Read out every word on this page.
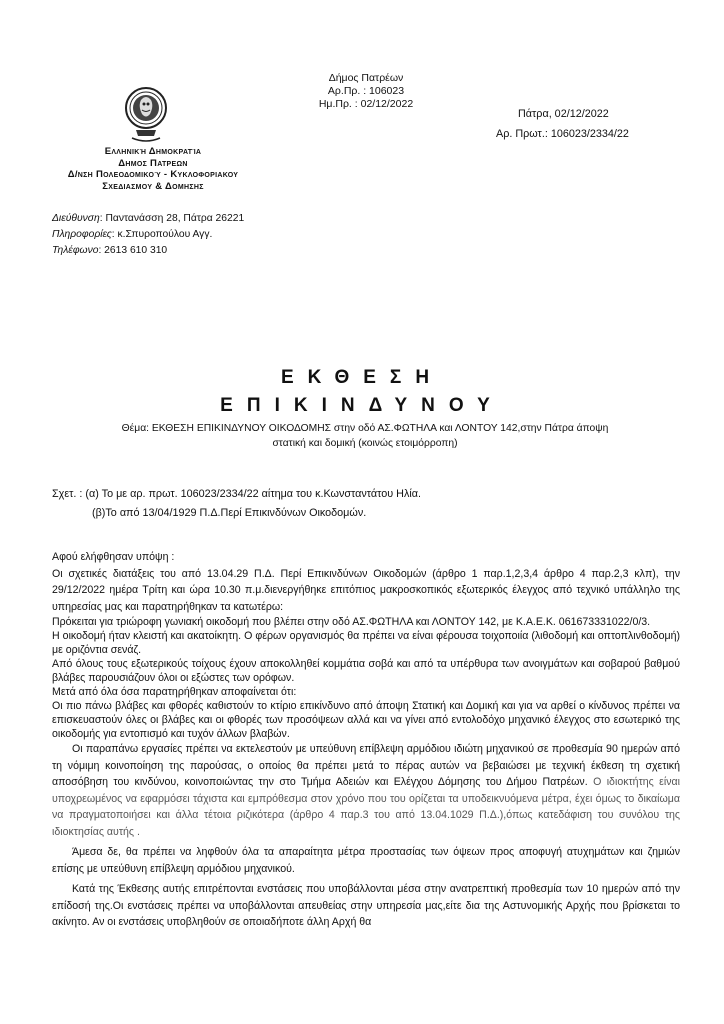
Δήμος Πατρέων
Αρ.Πρ. : 106023
Ημ.Πρ. : 02/12/2022
Πάτρα, 02/12/2022
Αρ. Πρωτ.: 106023/2334/22
Ελληνική Δημοκρατία
Δημος Πατρεων
Δ/νση Πολεοδομικού - Κυκλοφοριακου
Σχεδιασμου & Δομησης
Διεύθυνση: Παντανάσση 28, Πάτρα 26221
Πληροφορίες: κ.Σπυροπούλου Αγγ.
Τηλέφωνο: 2613 610 310
ΕΚΘΕΣΗ
ΕΠΙΚΙΝΔΥΝΟΥ
Θέμα: ΕΚΘΕΣΗ ΕΠΙΚΙΝΔΥΝΟΥ ΟΙΚΟΔΟΜΗΣ στην οδό ΑΣ.ΦΩΤΗΛΑ και ΛΟΝΤΟΥ 142,στην Πάτρα άποψη
στατική και δομική (κοινώς ετοιμόρροπη)
Σχετ. : (α) Το με αρ. πρωτ. 106023/2334/22 αίτημα του κ.Κωνσταντάτου Ηλία.
(β)Το από 13/04/1929 Π.Δ.Περί Επικινδύνων Οικοδομών.

Αφού ελήφθησαν υπόψη :

Οι σχετικές διατάξεις του από 13.04.29 Π.Δ. Περί Επικινδύνων Οικοδομών (άρθρο 1 παρ.1,2,3,4 άρθρο 4 παρ.2,3 κλπ), την 29/12/2022 ημέρα Τρίτη και ώρα 10.30 π.μ.διενεργήθηκε επιτόπιος μακροσκοπικός εξωτερικός έλεγχος από τεχνικό υπάλληλο της υπηρεσίας μας και παρατηρήθηκαν τα κατωτέρω:

Πρόκειται για τριώροφη γωνιακή οικοδομή που βλέπει στην οδό ΑΣ.ΦΩΤΗΛΑ και ΛΟΝΤΟΥ 142, με Κ.Α.Ε.Κ. 061673331022/0/3.

Η οικοδομή ήταν κλειστή και ακατοίκητη. Ο φέρων οργανισμός θα πρέπει να είναι φέρουσα τοιχοποιία (λιθοδομή και οπτοπλινθοδομή) με οριζόντια σενάζ.

Από όλους τους εξωτερικούς τοίχους έχουν αποκολληθεί κομμάτια σοβά και από τα υπέρθυρα των ανοιγμάτων και σοβαρού βαθμού βλάβες παρουσιάζουν όλοι οι εξώστες των ορόφων.

Μετά από όλα όσα παρατηρήθηκαν αποφαίνεται ότι:

Οι πιο πάνω βλάβες και φθορές καθιστούν το κτίριο επικίνδυνο από άποψη Στατική και Δομική και για να αρθεί ο κίνδυνος πρέπει να επισκευαστούν όλες οι βλάβες και οι φθορές των προσόψεων αλλά και να γίνει από εντολοδόχο μηχανικό έλεγχος στο εσωτερικό της οικοδομής για εντοπισμό και τυχόν άλλων βλαβών.

Οι παραπάνω εργασίες πρέπει να εκτελεστούν με υπεύθυνη επίβλεψη αρμόδιου ιδιώτη μηχανικού σε προθεσμία 90 ημερών από τη νόμιμη κοινοποίηση της παρούσας, ο οποίος θα πρέπει μετά το πέρας αυτών να βεβαιώσει με τεχνική έκθεση τη σχετική αποσόβηση του κινδύνου, κοινοποιώντας την στο Τμήμα Αδειών και Ελέγχου Δόμησης του Δήμου Πατρέων. Ο ιδιοκτήτης είναι υποχρεωμένος να εφαρμόσει τάχιστα και εμπρόθεσμα στον χρόνο που του ορίζεται τα υποδεικνυόμενα μέτρα, έχει όμως το δικαίωμα να πραγματοποιήσει και άλλα τέτοια ριζικότερα (άρθρο 4 παρ.3 του από 13.04.1029 Π.Δ.),όπως κατεδάφιση του συνόλου της ιδιοκτησίας αυτής .

Άμεσα δε, θα πρέπει να ληφθούν όλα τα απαραίτητα μέτρα προστασίας των όψεων προς αποφυγή ατυχημάτων και ζημιών επίσης με υπεύθυνη επίβλεψη αρμόδιου μηχανικού.

Κατά της Έκθεσης αυτής επιτρέπονται ενστάσεις που υποβάλλονται μέσα στην ανατρεπτική προθεσμία των 10 ημερών από την επίδοσή της.Οι ενστάσεις πρέπει να υποβάλλονται απευθείας στην υπηρεσία μας,είτε δια της Αστυνομικής Αρχής που βρίσκεται το ακίνητο. Αν οι ενστάσεις υποβληθούν σε οποιαδήποτε άλλη Αρχή θα
